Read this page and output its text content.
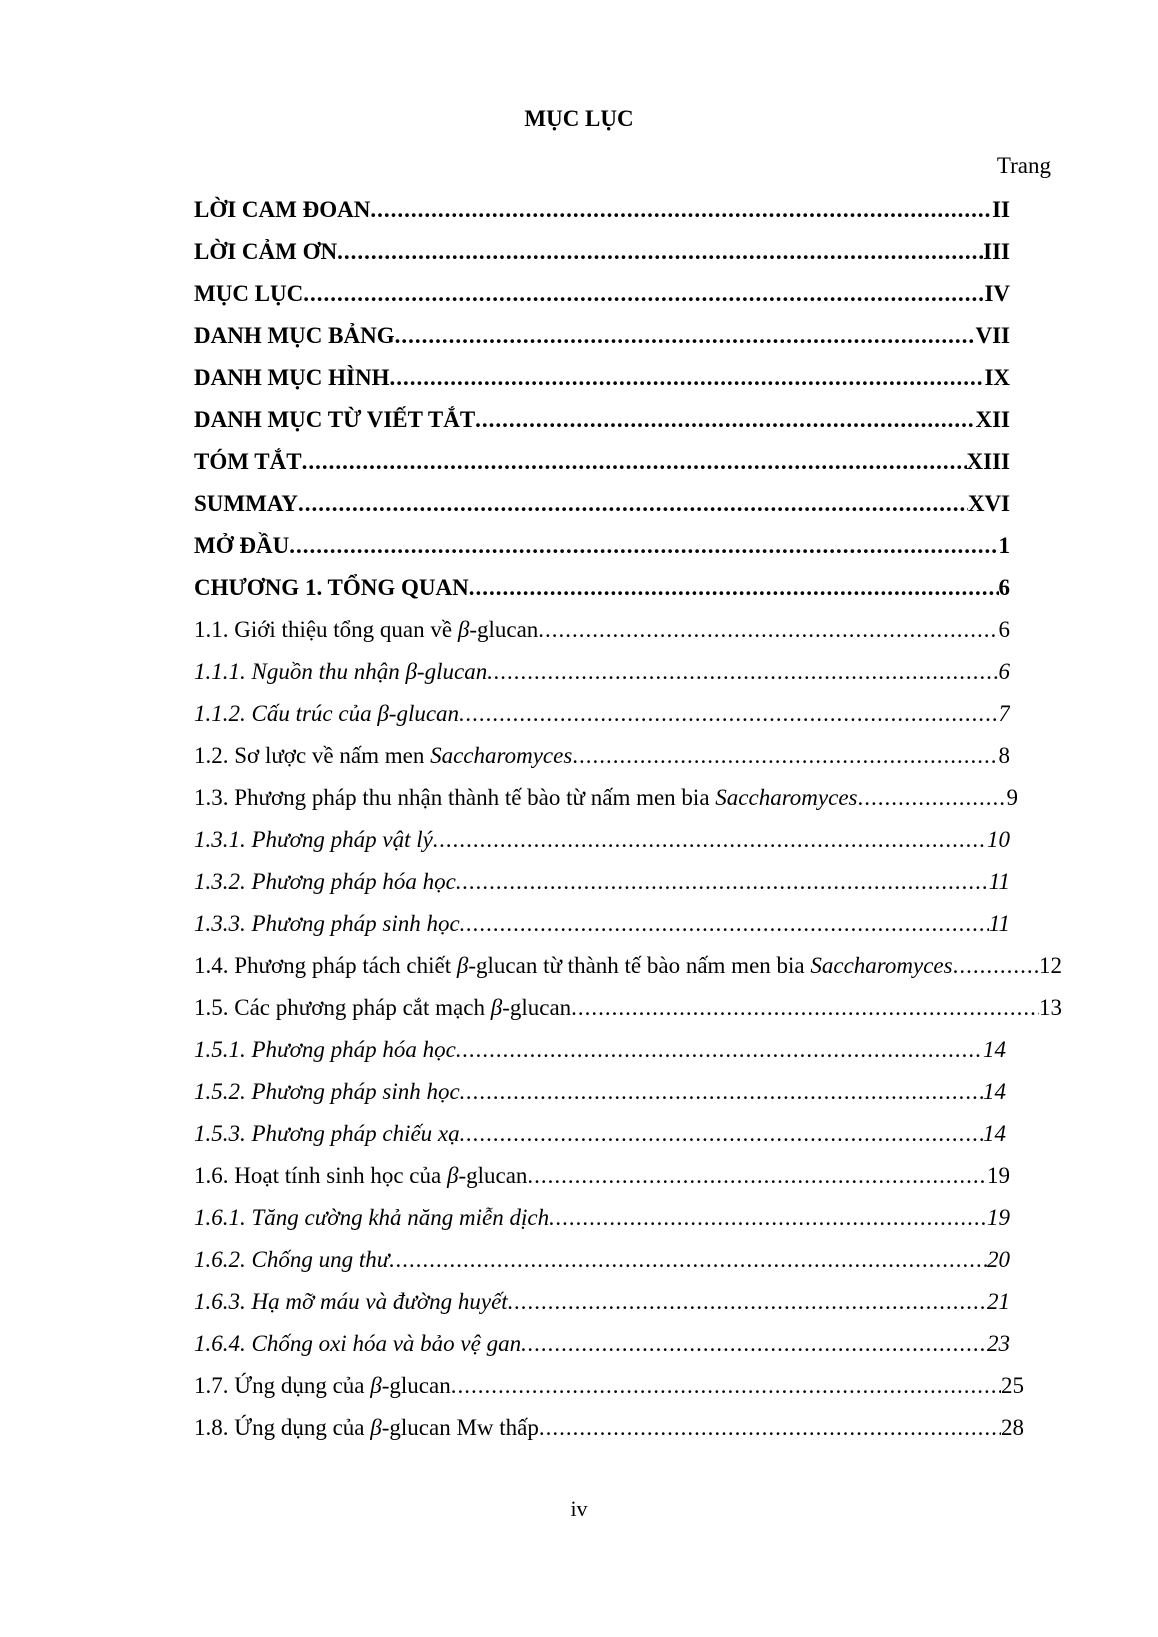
MỤC LỤC
Trang
LỜI CAM ĐOAN .....	II
LỜI CẢM ƠN .....	III
MỤC LỤC .....	IV
DANH MỤC BẢNG .....	VII
DANH MỤC HÌNH .....	IX
DANH MỤC TỪ VIẾT TẮT .....	XII
TÓM TẮT .....	XIII
SUMMAY .....	XVI
MỞ ĐẦU .....	1
CHƯƠNG 1. TỔNG QUAN .....	6
1.1. Giới thiệu tổng quan về β-glucan .....	6
1.1.1. Nguồn thu nhận β-glucan .....	6
1.1.2. Cấu trúc của β-glucan .....	7
1.2. Sơ lược về nấm men Saccharomyces .....	8
1.3. Phương pháp thu nhận thành tế bào từ nấm men bia Saccharomyces .....	9
1.3.1. Phương pháp vật lý .....	10
1.3.2. Phương pháp hóa học .....	11
1.3.3. Phương pháp sinh học .....	11
1.4. Phương pháp tách chiết β-glucan từ thành tế bào nấm men bia Saccharomyces .....	12
1.5. Các phương pháp cắt mạch β-glucan .....	13
1.5.1. Phương pháp hóa học .....	14
1.5.2. Phương pháp sinh học .....	14
1.5.3. Phương pháp chiếu xạ .....	14
1.6. Hoạt tính sinh học của β-glucan .....	19
1.6.1. Tăng cường khả năng miễn dịch .....	19
1.6.2. Chống ung thư .....	20
1.6.3. Hạ mỡ máu và đường huyết .....	21
1.6.4. Chống oxi hóa và bảo vệ gan .....	23
1.7. Ứng dụng của β-glucan .....	25
1.8. Ứng dụng của β-glucan Mw thấp .....	28
iv
